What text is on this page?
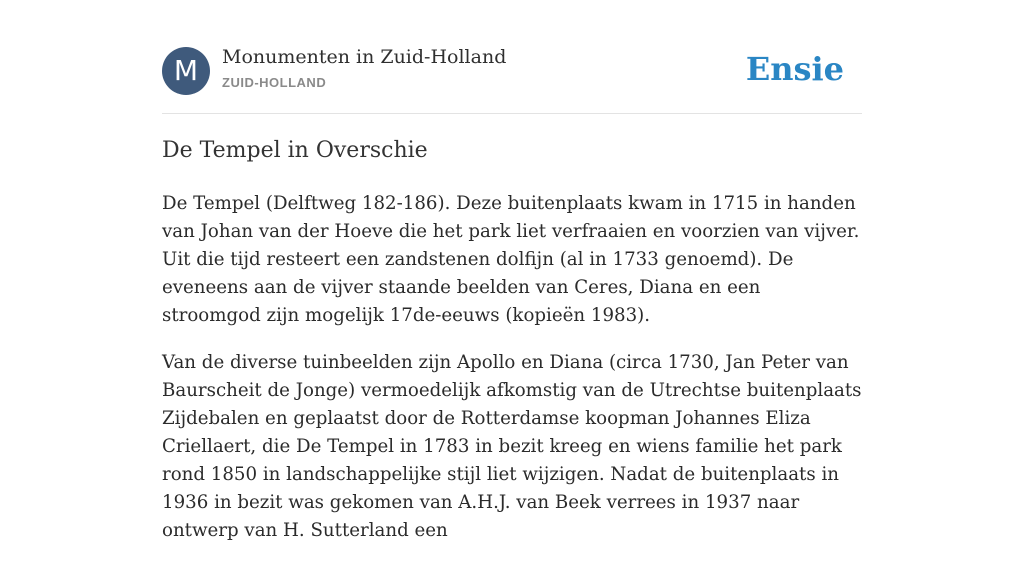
M	Monumenten in Zuid-Holland
ZUID-HOLLAND	Ensie
De Tempel in Overschie

De Tempel (Delftweg 182-186). Deze buitenplaats kwam in 1715 in handen van Johan van der Hoeve die het park liet verfraaien en voorzien van vijver. Uit die tijd resteert een zandstenen dolfijn (al in 1733 genoemd). De eveneens aan de vijver staande beelden van Ceres, Diana en een stroomgod zijn mogelijk 17de-eeuws (kopieën 1983).

Van de diverse tuinbeelden zijn Apollo en Diana (circa 1730, Jan Peter van Baurscheit de Jonge) vermoedelijk afkomstig van de Utrechtse buitenplaats Zijdebalen en geplaatst door de Rotterdamse koopman Johannes Eliza Criellaert, die De Tempel in 1783 in bezit kreeg en wiens familie het park rond 1850 in landschappelijke stijl liet wijzigen. Nadat de buitenplaats in 1936 in bezit was gekomen van A.H.J. van Beek verrees in 1937 naar ontwerp van H. Sutterland een
